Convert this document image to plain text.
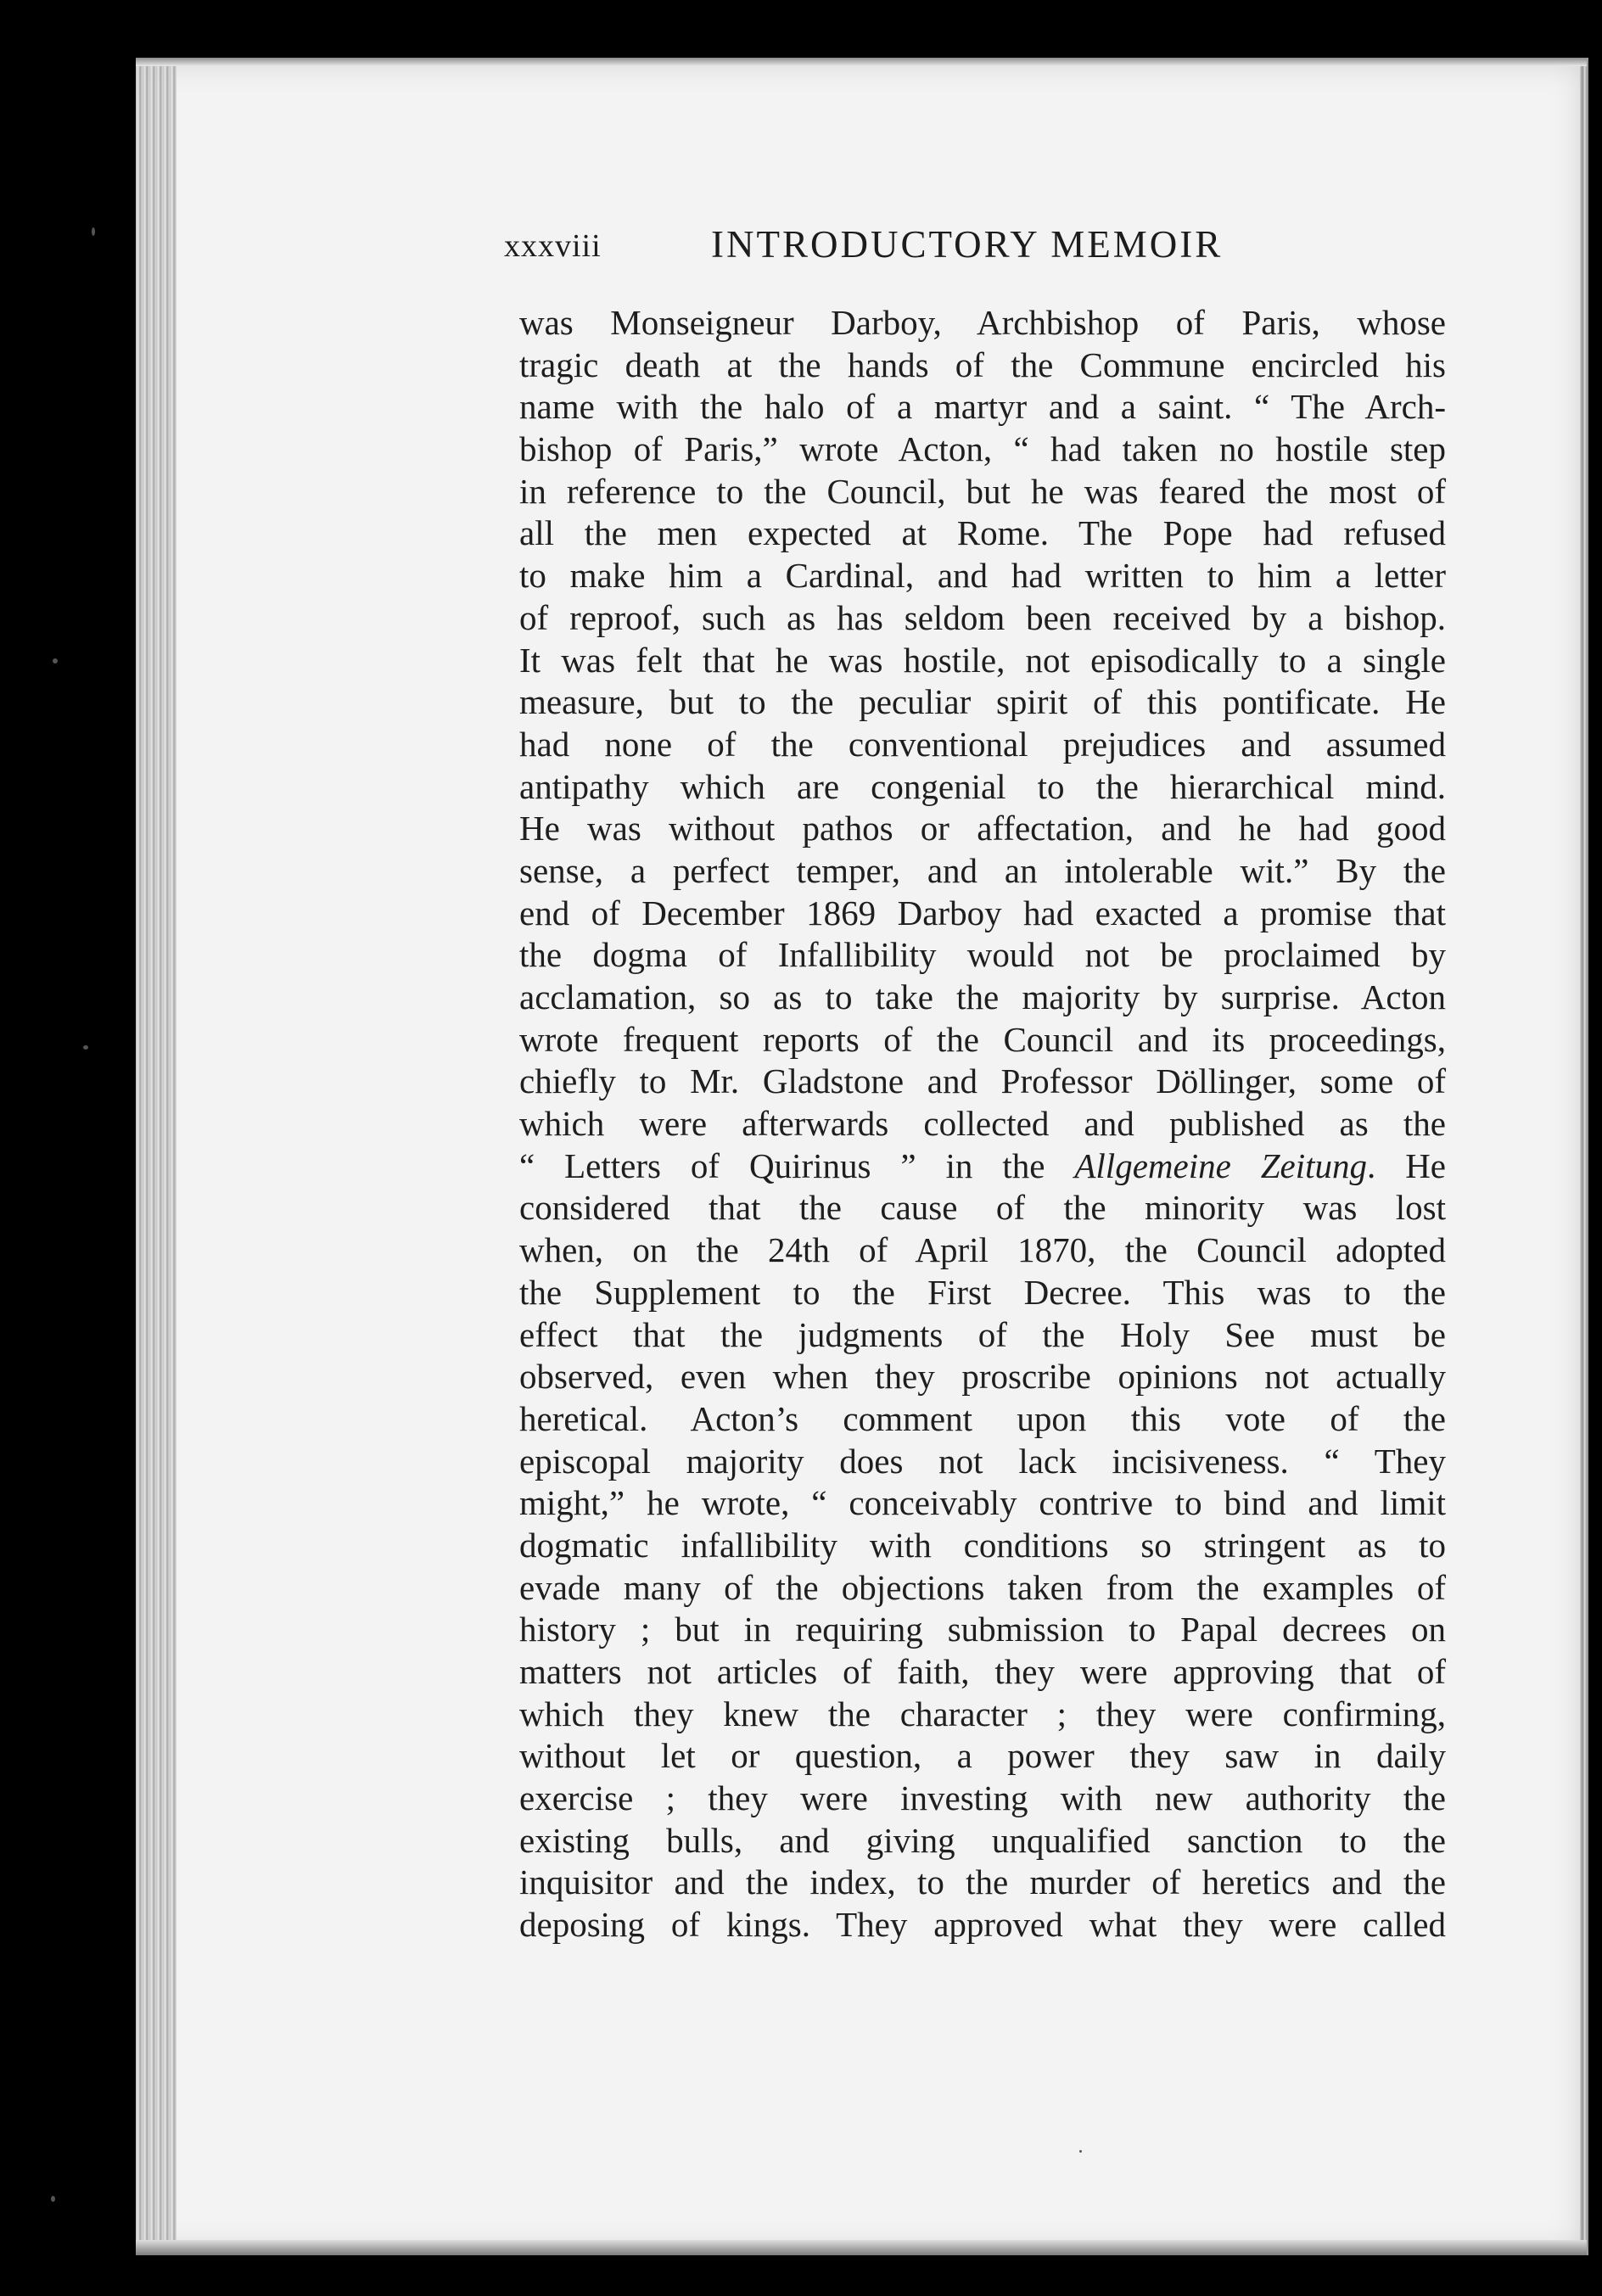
xxxviii	INTRODUCTORY MEMOIR
was Monseigneur Darboy, Archbishop of Paris, whose
tragic death at the hands of the Commune encircled his
name with the halo of a martyr and a saint. “ The Arch-
bishop of Paris,” wrote Acton, “ had taken no hostile step
in reference to the Council, but he was feared the most of
all the men expected at Rome. The Pope had refused
to make him a Cardinal, and had written to him a letter
of reproof, such as has seldom been received by a bishop.
It was felt that he was hostile, not episodically to a single
measure, but to the peculiar spirit of this pontificate. He
had none of the conventional prejudices and assumed
antipathy which are congenial to the hierarchical mind.
He was without pathos or affectation, and he had good
sense, a perfect temper, and an intolerable wit.” By the
end of December 1869 Darboy had exacted a promise that
the dogma of Infallibility would not be proclaimed by
acclamation, so as to take the majority by surprise. Acton
wrote frequent reports of the Council and its proceedings,
chiefly to Mr. Gladstone and Professor Döllinger, some of
which were afterwards collected and published as the
“ Letters of Quirinus ” in the Allgemeine Zeitung. He
considered that the cause of the minority was lost
when, on the 24th of April 1870, the Council adopted
the Supplement to the First Decree. This was to the
effect that the judgments of the Holy See must be
observed, even when they proscribe opinions not actually
heretical. Acton’s comment upon this vote of the
episcopal majority does not lack incisiveness. “ They
might,” he wrote, “ conceivably contrive to bind and limit
dogmatic infallibility with conditions so stringent as to
evade many of the objections taken from the examples of
history ; but in requiring submission to Papal decrees on
matters not articles of faith, they were approving that of
which they knew the character ; they were confirming,
without let or question, a power they saw in daily
exercise ; they were investing with new authority the
existing bulls, and giving unqualified sanction to the
inquisitor and the index, to the murder of heretics and the
deposing of kings. They approved what they were called
